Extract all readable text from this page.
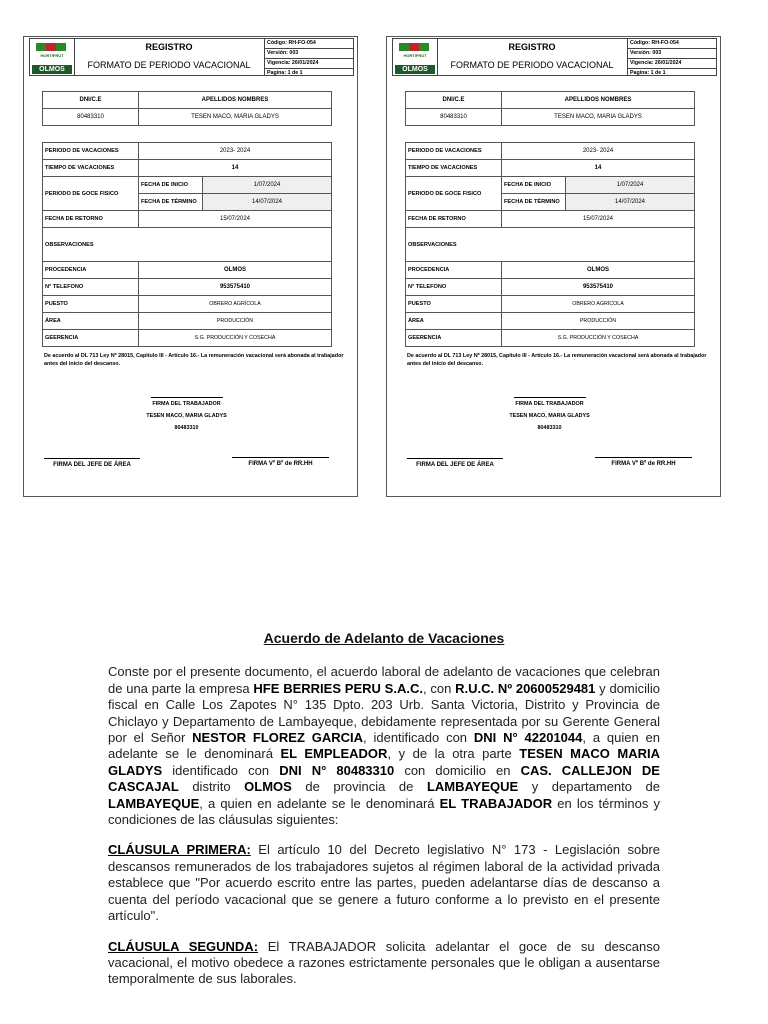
HORTIFRUT
OLMOS
REGISTRO
FORMATO DE PERIODO VACACIONAL
Código: RH-FO-054
Versión: 003
Vigencia: 26/01/2024
Pagina: 1 de 1
DNI/C.E	APELLIDOS NOMBRES
80483310	TESEN MACO, MARIA GLADYS
PERIODO DE VACACIONES	2023- 2024	
TIEMPO DE VACACIONES	14	
PERIODO DE GOCE FISICO	FECHA DE INICIO	1/07/2024
	FECHA DE TÉRMINO	14/07/2024
FECHA DE RETORNO	15/07/2024	
OBSERVACIONES		
PROCEDENCIA	OLMOS	
N° TELEFONO	953575410	
PUESTO	OBRERO AGRÍCOLA	
ÁREA	PRODUCCIÓN	
GEERENCIA	S.G. PRODUCCIÓN Y COSECHA	
De acuerdo al DL 713 Ley Nº 28015, Capitulo III - Artículo 16.- La remuneración vacacional será abonada al trabajador antes del inicio del descanso.
FIRMA DEL TRABAJADOR
TESEN MACO, MARIA GLADYS
80483310
FIRMA DEL JEFE DE ÁREA	FIRMA Vº Bº de RR.HH
HORTIFRUT
OLMOS
REGISTRO
FORMATO DE PERIODO VACACIONAL
Código: RH-FO-054
Versión: 003
Vigencia: 26/01/2024
Pagina: 1 de 1
DNI/C.E	APELLIDOS NOMBRES
80483310	TESEN MACO, MARIA GLADYS
PERIODO DE VACACIONES	2023- 2024	
TIEMPO DE VACACIONES	14	
PERIODO DE GOCE FISICO	FECHA DE INICIO	1/07/2024
	FECHA DE TÉRMINO	14/07/2024
FECHA DE RETORNO	15/07/2024	
OBSERVACIONES		
PROCEDENCIA	OLMOS	
N° TELEFONO	953575410	
PUESTO	OBRERO AGRÍCOLA	
ÁREA	PRODUCCIÓN	
GEERENCIA	S.G. PRODUCCIÓN Y COSECHA	
De acuerdo al DL 713 Ley Nº 28015, Capitulo III - Artículo 16.- La remuneración vacacional será abonada al trabajador antes del inicio del descanso.
FIRMA DEL TRABAJADOR
TESEN MACO, MARIA GLADYS
80483310
FIRMA DEL JEFE DE ÁREA	FIRMA Vº Bº de RR.HH
Acuerdo de Adelanto de Vacaciones

Conste por el presente documento, el acuerdo laboral de adelanto de vacaciones que celebran de una parte la empresa HFE BERRIES PERU S.A.C., con R.U.C. Nº 20600529481 y domicilio fiscal en Calle Los Zapotes N° 135 Dpto. 203 Urb. Santa Victoria, Distrito y Provincia de Chiclayo y Departamento de Lambayeque, debidamente representada por su Gerente General por el Señor NESTOR FLOREZ GARCIA, identificado con DNI N° 42201044, a quien en adelante se le denominará EL EMPLEADOR, y de la otra parte TESEN MACO MARIA GLADYS identificado con DNI N° 80483310 con domicilio en CAS. CALLEJON DE CASCAJAL distrito OLMOS de provincia de LAMBAYEQUE y departamento de LAMBAYEQUE, a quien en adelante se le denominará EL TRABAJADOR en los términos y condiciones de las cláusulas siguientes:

CLÁUSULA PRIMERA: El artículo 10 del Decreto legislativo N° 173 - Legislación sobre descansos remunerados de los trabajadores sujetos al régimen laboral de la actividad privada establece que "Por acuerdo escrito entre las partes, pueden adelantarse días de descanso a cuenta del período vacacional que se genere a futuro conforme a lo previsto en el presente artículo".

CLÁUSULA SEGUNDA: El TRABAJADOR solicita adelantar el goce de su descanso vacacional, el motivo obedece a razones estrictamente personales que le obligan a ausentarse temporalmente de sus laborales.
